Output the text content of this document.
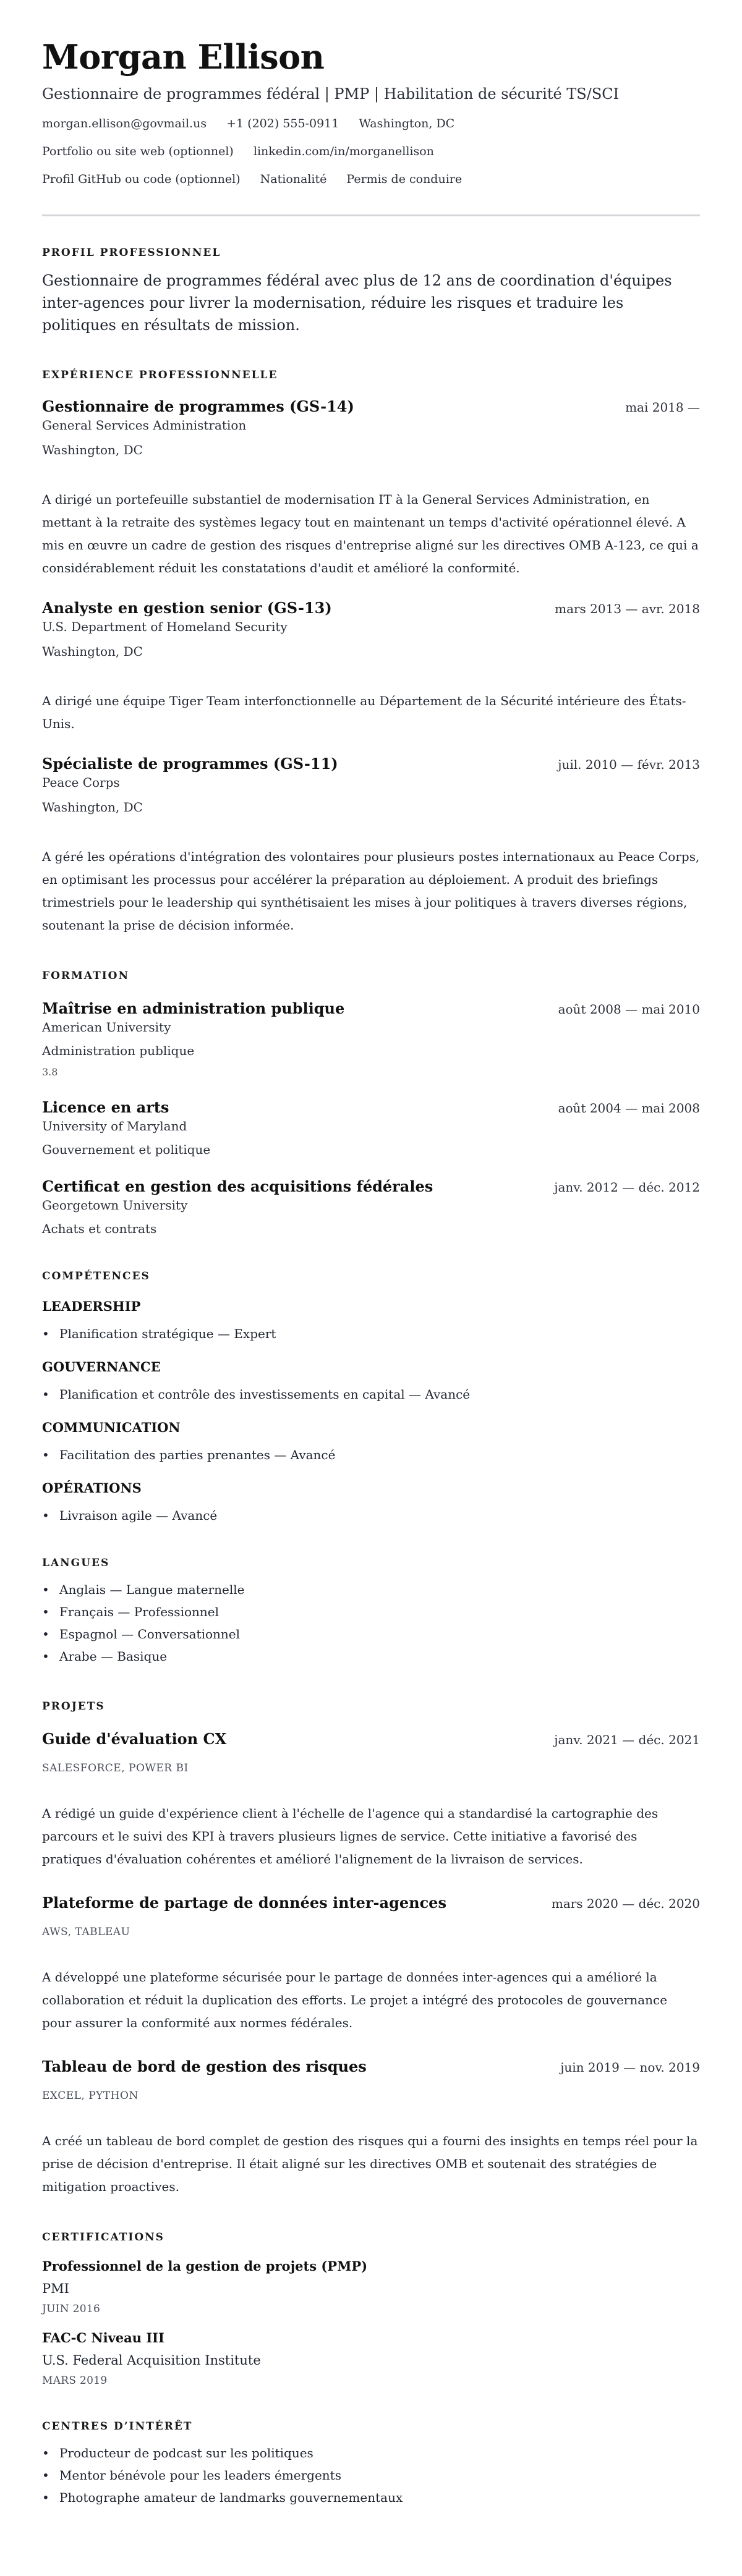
Morgan Ellison
Gestionnaire de programmes fédéral | PMP | Habilitation de sécurité TS/SCI
morgan.ellison@govmail.us +1 (202) 555-0911 Washington, DC
Portfolio ou site web (optionnel) linkedin.com/in/morganellison
Profil GitHub ou code (optionnel) Nationalité Permis de conduire
PROFIL PROFESSIONNEL

Gestionnaire de programmes fédéral avec plus de 12 ans de coordination d'équipes inter-agences pour livrer la modernisation, réduire les risques et traduire les politiques en résultats de mission.

EXPÉRIENCE PROFESSIONNELLE
Gestionnaire de programmes (GS-14)	mai 2018 —
General Services Administration
Washington, DC

A dirigé un portefeuille substantiel de modernisation IT à la General Services Administration, en mettant à la retraite des systèmes legacy tout en maintenant un temps d'activité opérationnel élevé. A mis en œuvre un cadre de gestion des risques d'entreprise aligné sur les directives OMB A-123, ce qui a considérablement réduit les constatations d'audit et amélioré la conformité.

Analyste en gestion senior (GS-13)	mars 2013 — avr. 2018
U.S. Department of Homeland Security
Washington, DC

A dirigé une équipe Tiger Team interfonctionnelle au Département de la Sécurité intérieure des États-Unis.

Spécialiste de programmes (GS-11)	juil. 2010 — févr. 2013
Peace Corps
Washington, DC

A géré les opérations d'intégration des volontaires pour plusieurs postes internationaux au Peace Corps, en optimisant les processus pour accélérer la préparation au déploiement. A produit des briefings trimestriels pour le leadership qui synthétisaient les mises à jour politiques à travers diverses régions, soutenant la prise de décision informée.

FORMATION
Maîtrise en administration publique	août 2008 — mai 2010
American University
Administration publique
3.8
Licence en arts	août 2004 — mai 2008
University of Maryland
Gouvernement et politique
Certificat en gestion des acquisitions fédérales	janv. 2012 — déc. 2012
Georgetown University
Achats et contrats
COMPÉTENCES
LEADERSHIP
• Planification stratégique — Expert
GOUVERNANCE
• Planification et contrôle des investissements en capital — Avancé
COMMUNICATION
• Facilitation des parties prenantes — Avancé
OPÉRATIONS
• Livraison agile — Avancé
LANGUES
• Anglais — Langue maternelle
• Français — Professionnel
• Espagnol — Conversationnel
• Arabe — Basique
PROJETS
Guide d'évaluation CX	janv. 2021 — déc. 2021
SALESFORCE, POWER BI

A rédigé un guide d'expérience client à l'échelle de l'agence qui a standardisé la cartographie des parcours et le suivi des KPI à travers plusieurs lignes de service. Cette initiative a favorisé des pratiques d'évaluation cohérentes et amélioré l'alignement de la livraison de services.

Plateforme de partage de données inter-agences	mars 2020 — déc. 2020
AWS, TABLEAU

A développé une plateforme sécurisée pour le partage de données inter-agences qui a amélioré la collaboration et réduit la duplication des efforts. Le projet a intégré des protocoles de gouvernance pour assurer la conformité aux normes fédérales.

Tableau de bord de gestion des risques	juin 2019 — nov. 2019
EXCEL, PYTHON

A créé un tableau de bord complet de gestion des risques qui a fourni des insights en temps réel pour la prise de décision d'entreprise. Il était aligné sur les directives OMB et soutenait des stratégies de mitigation proactives.

CERTIFICATIONS
Professionnel de la gestion de projets (PMP)
PMI
JUIN 2016
FAC-C Niveau III
U.S. Federal Acquisition Institute
MARS 2019
CENTRES D’INTÉRÊT
• Producteur de podcast sur les politiques
• Mentor bénévole pour les leaders émergents
• Photographe amateur de landmarks gouvernementaux
